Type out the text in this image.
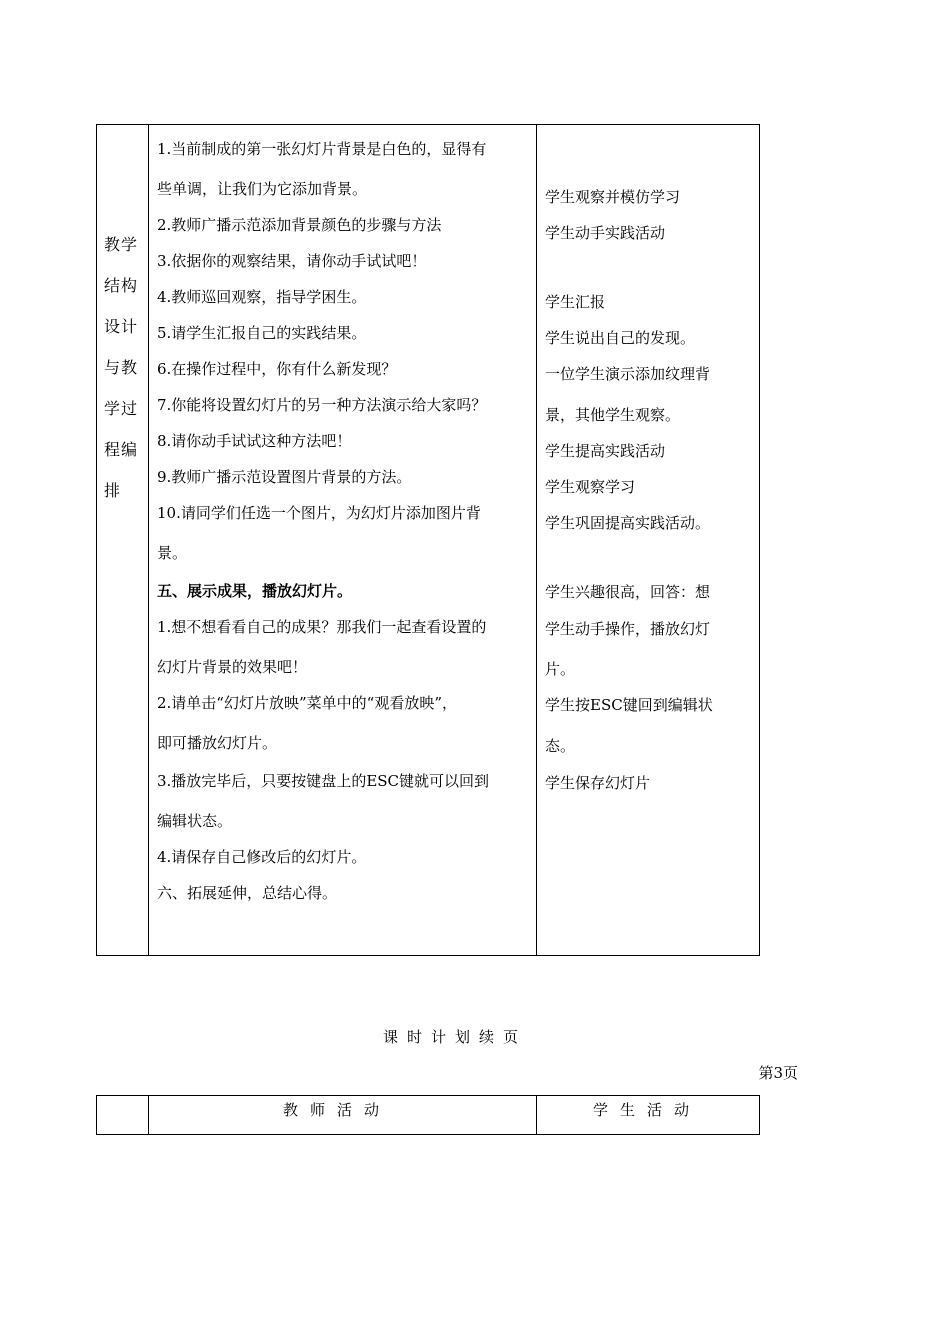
教学
结构
设计
与教
学过
程编
排
1.当前制成的第一张幻灯片背景是白色的，显得有
些单调，让我们为它添加背景。
2.教师广播示范添加背景颜色的步骤与方法
3.依据你的观察结果，请你动手试试吧！
4.教师巡回观察，指导学困生。
5.请学生汇报自己的实践结果。
6.在操作过程中，你有什么新发现？
7.你能将设置幻灯片的另一种方法演示给大家吗？
8.请你动手试试这种方法吧！
9.教师广播示范设置图片背景的方法。
10.请同学们任选一个图片，为幻灯片添加图片背
景。
五、展示成果，播放幻灯片。
1.想不想看看自己的成果？那我们一起查看设置的
幻灯片背景的效果吧！
2.请单击“幻灯片放映”菜单中的“观看放映”，
即可播放幻灯片。
3.播放完毕后，只要按键盘上的ESC键就可以回到
编辑状态。
4.请保存自己修改后的幻灯片。
六、拓展延伸，总结心得。
学生观察并模仿学习
学生动手实践活动
学生汇报
学生说出自己的发现。
一位学生演示添加纹理背
景，其他学生观察。
学生提高实践活动
学生观察学习
学生巩固提高实践活动。
学生兴趣很高，回答：想
学生动手操作，播放幻灯
片。
学生按ESC键回到编辑状
态。
学生保存幻灯片
课时计划续页
第3页
教师活动	学生活动
